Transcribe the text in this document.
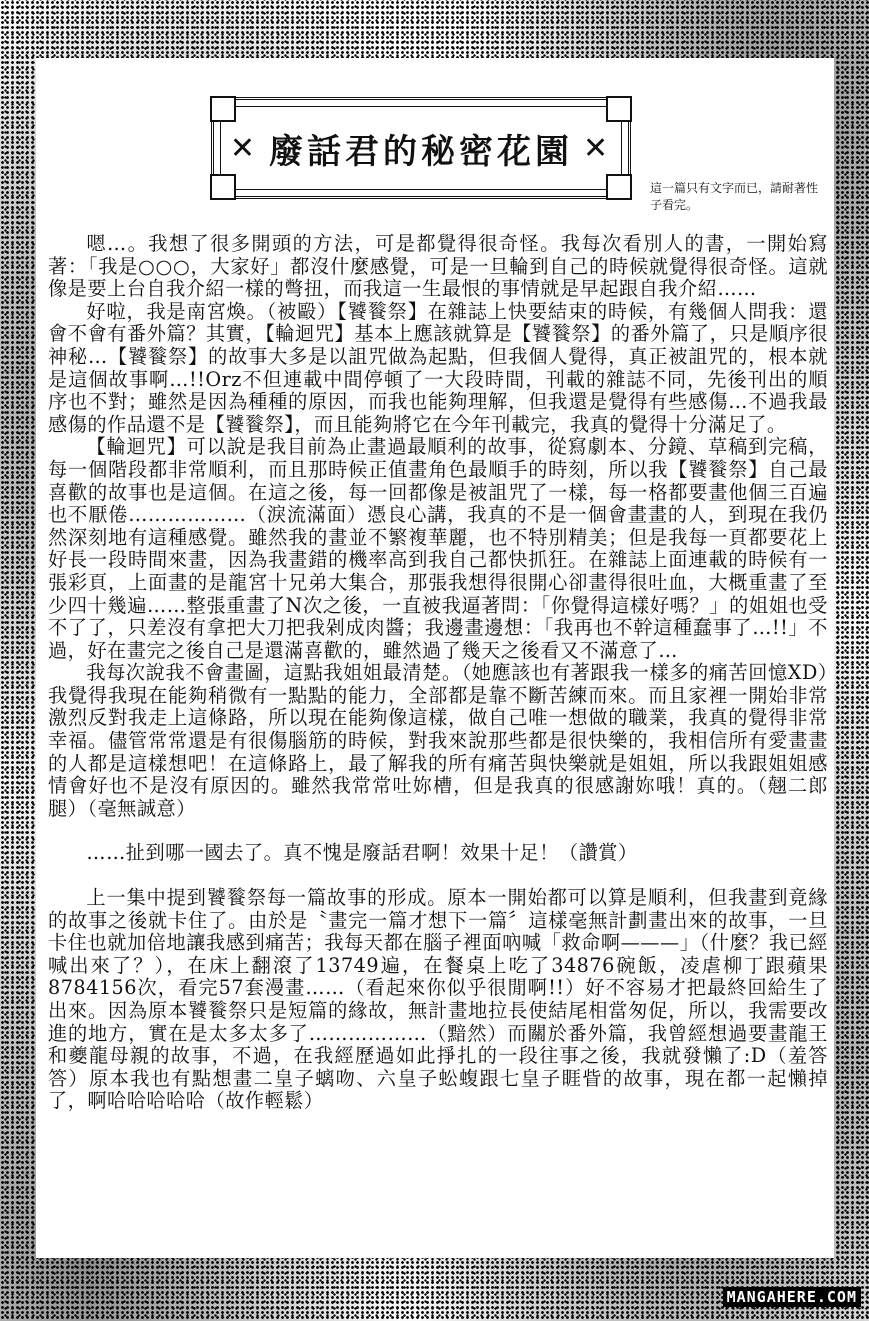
✕ 廢話君的秘密花園 ✕
這一篇只有文字而已，請耐著性子看完。

嗯…。我想了很多開頭的方法，可是都覺得很奇怪。我每次看別人的書，一開始寫著：「我是○○○，大家好」都沒什麼感覺，可是一旦輪到自己的時候就覺得很奇怪。這就像是要上台自我介紹一樣的彆扭，而我這一生最恨的事情就是早起跟自我介紹……

好啦，我是南宮煥。（被毆）【饕餮祭】在雜誌上快要結束的時候，有幾個人問我：還會不會有番外篇？其實，【輪迴咒】基本上應該就算是【饕餮祭】的番外篇了，只是順序很神秘…【饕餮祭】的故事大多是以詛咒做為起點，但我個人覺得，真正被詛咒的，根本就是這個故事啊…!!Orz不但連載中間停頓了一大段時間，刊載的雜誌不同，先後刊出的順序也不對；雖然是因為種種的原因，而我也能夠理解，但我還是覺得有些感傷…不過我最感傷的作品還不是【饕餮祭】，而且能夠將它在今年刊載完，我真的覺得十分滿足了。

【輪迴咒】可以說是我目前為止畫過最順利的故事，從寫劇本、分鏡、草稿到完稿，每一個階段都非常順利，而且那時候正值畫角色最順手的時刻，所以我【饕餮祭】自己最喜歡的故事也是這個。在這之後，每一回都像是被詛咒了一樣，每一格都要畫他個三百遍也不厭倦………………（淚流滿面）憑良心講，我真的不是一個會畫畫的人，到現在我仍然深刻地有這種感覺。雖然我的畫並不繁複華麗，也不特別精美；但是我每一頁都要花上好長一段時間來畫，因為我畫錯的機率高到我自己都快抓狂。在雜誌上面連載的時候有一張彩頁，上面畫的是龍宮十兄弟大集合，那張我想得很開心卻畫得很吐血，大概重畫了至少四十幾遍……整張重畫了N次之後，一直被我逼著問：「你覺得這樣好嗎？」的姐姐也受不了了，只差沒有拿把大刀把我剁成肉醬；我邊畫邊想：「我再也不幹這種蠢事了…!!」不過，好在畫完之後自己是還滿喜歡的，雖然過了幾天之後看又不滿意了…

我每次說我不會畫圖，這點我姐姐最清楚。（她應該也有著跟我一樣多的痛苦回憶XD）我覺得我現在能夠稍微有一點點的能力，全部都是靠不斷苦練而來。而且家裡一開始非常激烈反對我走上這條路，所以現在能夠像這樣，做自己唯一想做的職業，我真的覺得非常幸福。儘管常常還是有很傷腦筋的時候，對我來說那些都是很快樂的，我相信所有愛畫畫的人都是這樣想吧！在這條路上，最了解我的所有痛苦與快樂就是姐姐，所以我跟姐姐感情會好也不是沒有原因的。雖然我常常吐妳槽，但是我真的很感謝妳哦！真的。（翹二郎腿）（毫無誠意）

……扯到哪一國去了。真不愧是廢話君啊！效果十足！（讚賞）

上一集中提到饕餮祭每一篇故事的形成。原本一開始都可以算是順利，但我畫到竟緣的故事之後就卡住了。由於是〝畫完一篇才想下一篇〞這樣毫無計劃畫出來的故事，一旦卡住也就加倍地讓我感到痛苦；我每天都在腦子裡面吶喊「救命啊———」（什麼？我已經喊出來了？），在床上翻滾了13749遍，在餐桌上吃了34876碗飯，凌虐柳丁跟蘋果8784156次，看完57套漫畫……（看起來你似乎很閒啊!!）好不容易才把最終回給生了出來。因為原本饕餮祭只是短篇的緣故，無計畫地拉長使結尾相當匆促，所以，我需要改進的地方，實在是太多太多了………………（黯然）而關於番外篇，我曾經想過要畫龍王和夔龍母親的故事，不過，在我經歷過如此掙扎的一段往事之後，我就發懶了:D（羞答答）原本我也有點想畫二皇子螭吻、六皇子蚣蝮跟七皇子睚眥的故事，現在都一起懶掉了，啊哈哈哈哈哈（故作輕鬆）

MANGAHERE.COM
